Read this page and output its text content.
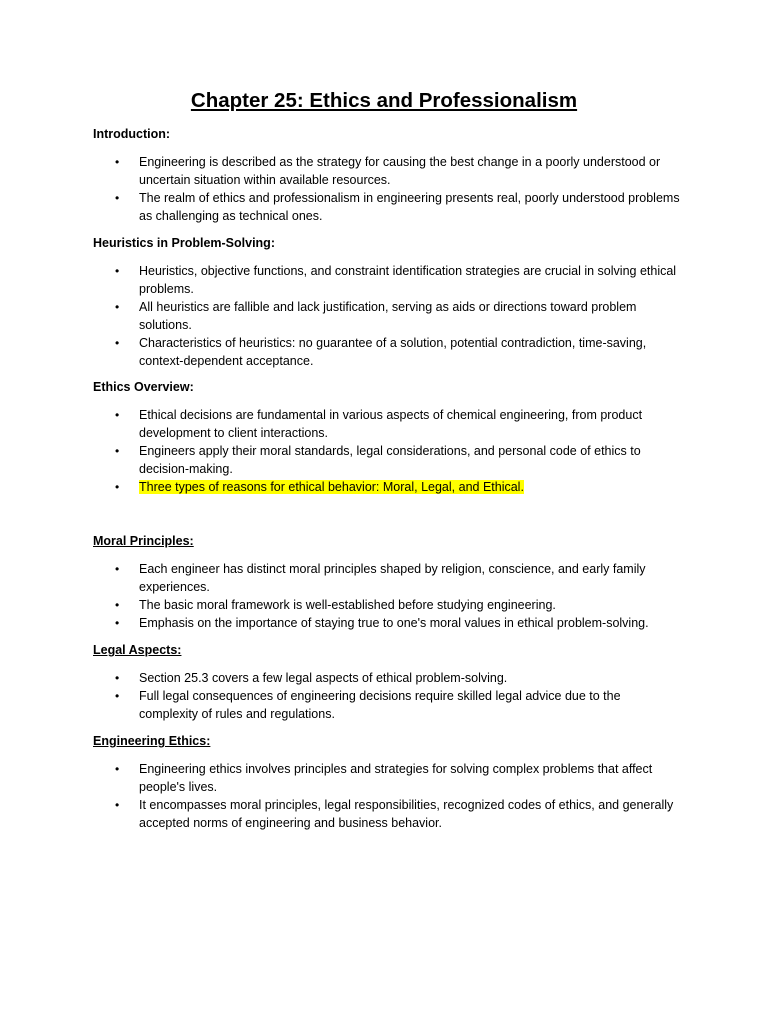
Chapter 25: Ethics and Professionalism

Introduction:

• Engineering is described as the strategy for causing the best change in a poorly understood or uncertain situation within available resources.
• The realm of ethics and professionalism in engineering presents real, poorly understood problems as challenging as technical ones.

Heuristics in Problem-Solving:

• Heuristics, objective functions, and constraint identification strategies are crucial in solving ethical problems.
• All heuristics are fallible and lack justification, serving as aids or directions toward problem solutions.
• Characteristics of heuristics: no guarantee of a solution, potential contradiction, time-saving, context-dependent acceptance.

Ethics Overview:

• Ethical decisions are fundamental in various aspects of chemical engineering, from product development to client interactions.
• Engineers apply their moral standards, legal considerations, and personal code of ethics to decision-making.
• Three types of reasons for ethical behavior: Moral, Legal, and Ethical.

Moral Principles:

• Each engineer has distinct moral principles shaped by religion, conscience, and early family experiences.
• The basic moral framework is well-established before studying engineering.
• Emphasis on the importance of staying true to one's moral values in ethical problem-solving.

Legal Aspects:

• Section 25.3 covers a few legal aspects of ethical problem-solving.
• Full legal consequences of engineering decisions require skilled legal advice due to the complexity of rules and regulations.

Engineering Ethics:

• Engineering ethics involves principles and strategies for solving complex problems that affect people's lives.
• It encompasses moral principles, legal responsibilities, recognized codes of ethics, and generally accepted norms of engineering and business behavior.
